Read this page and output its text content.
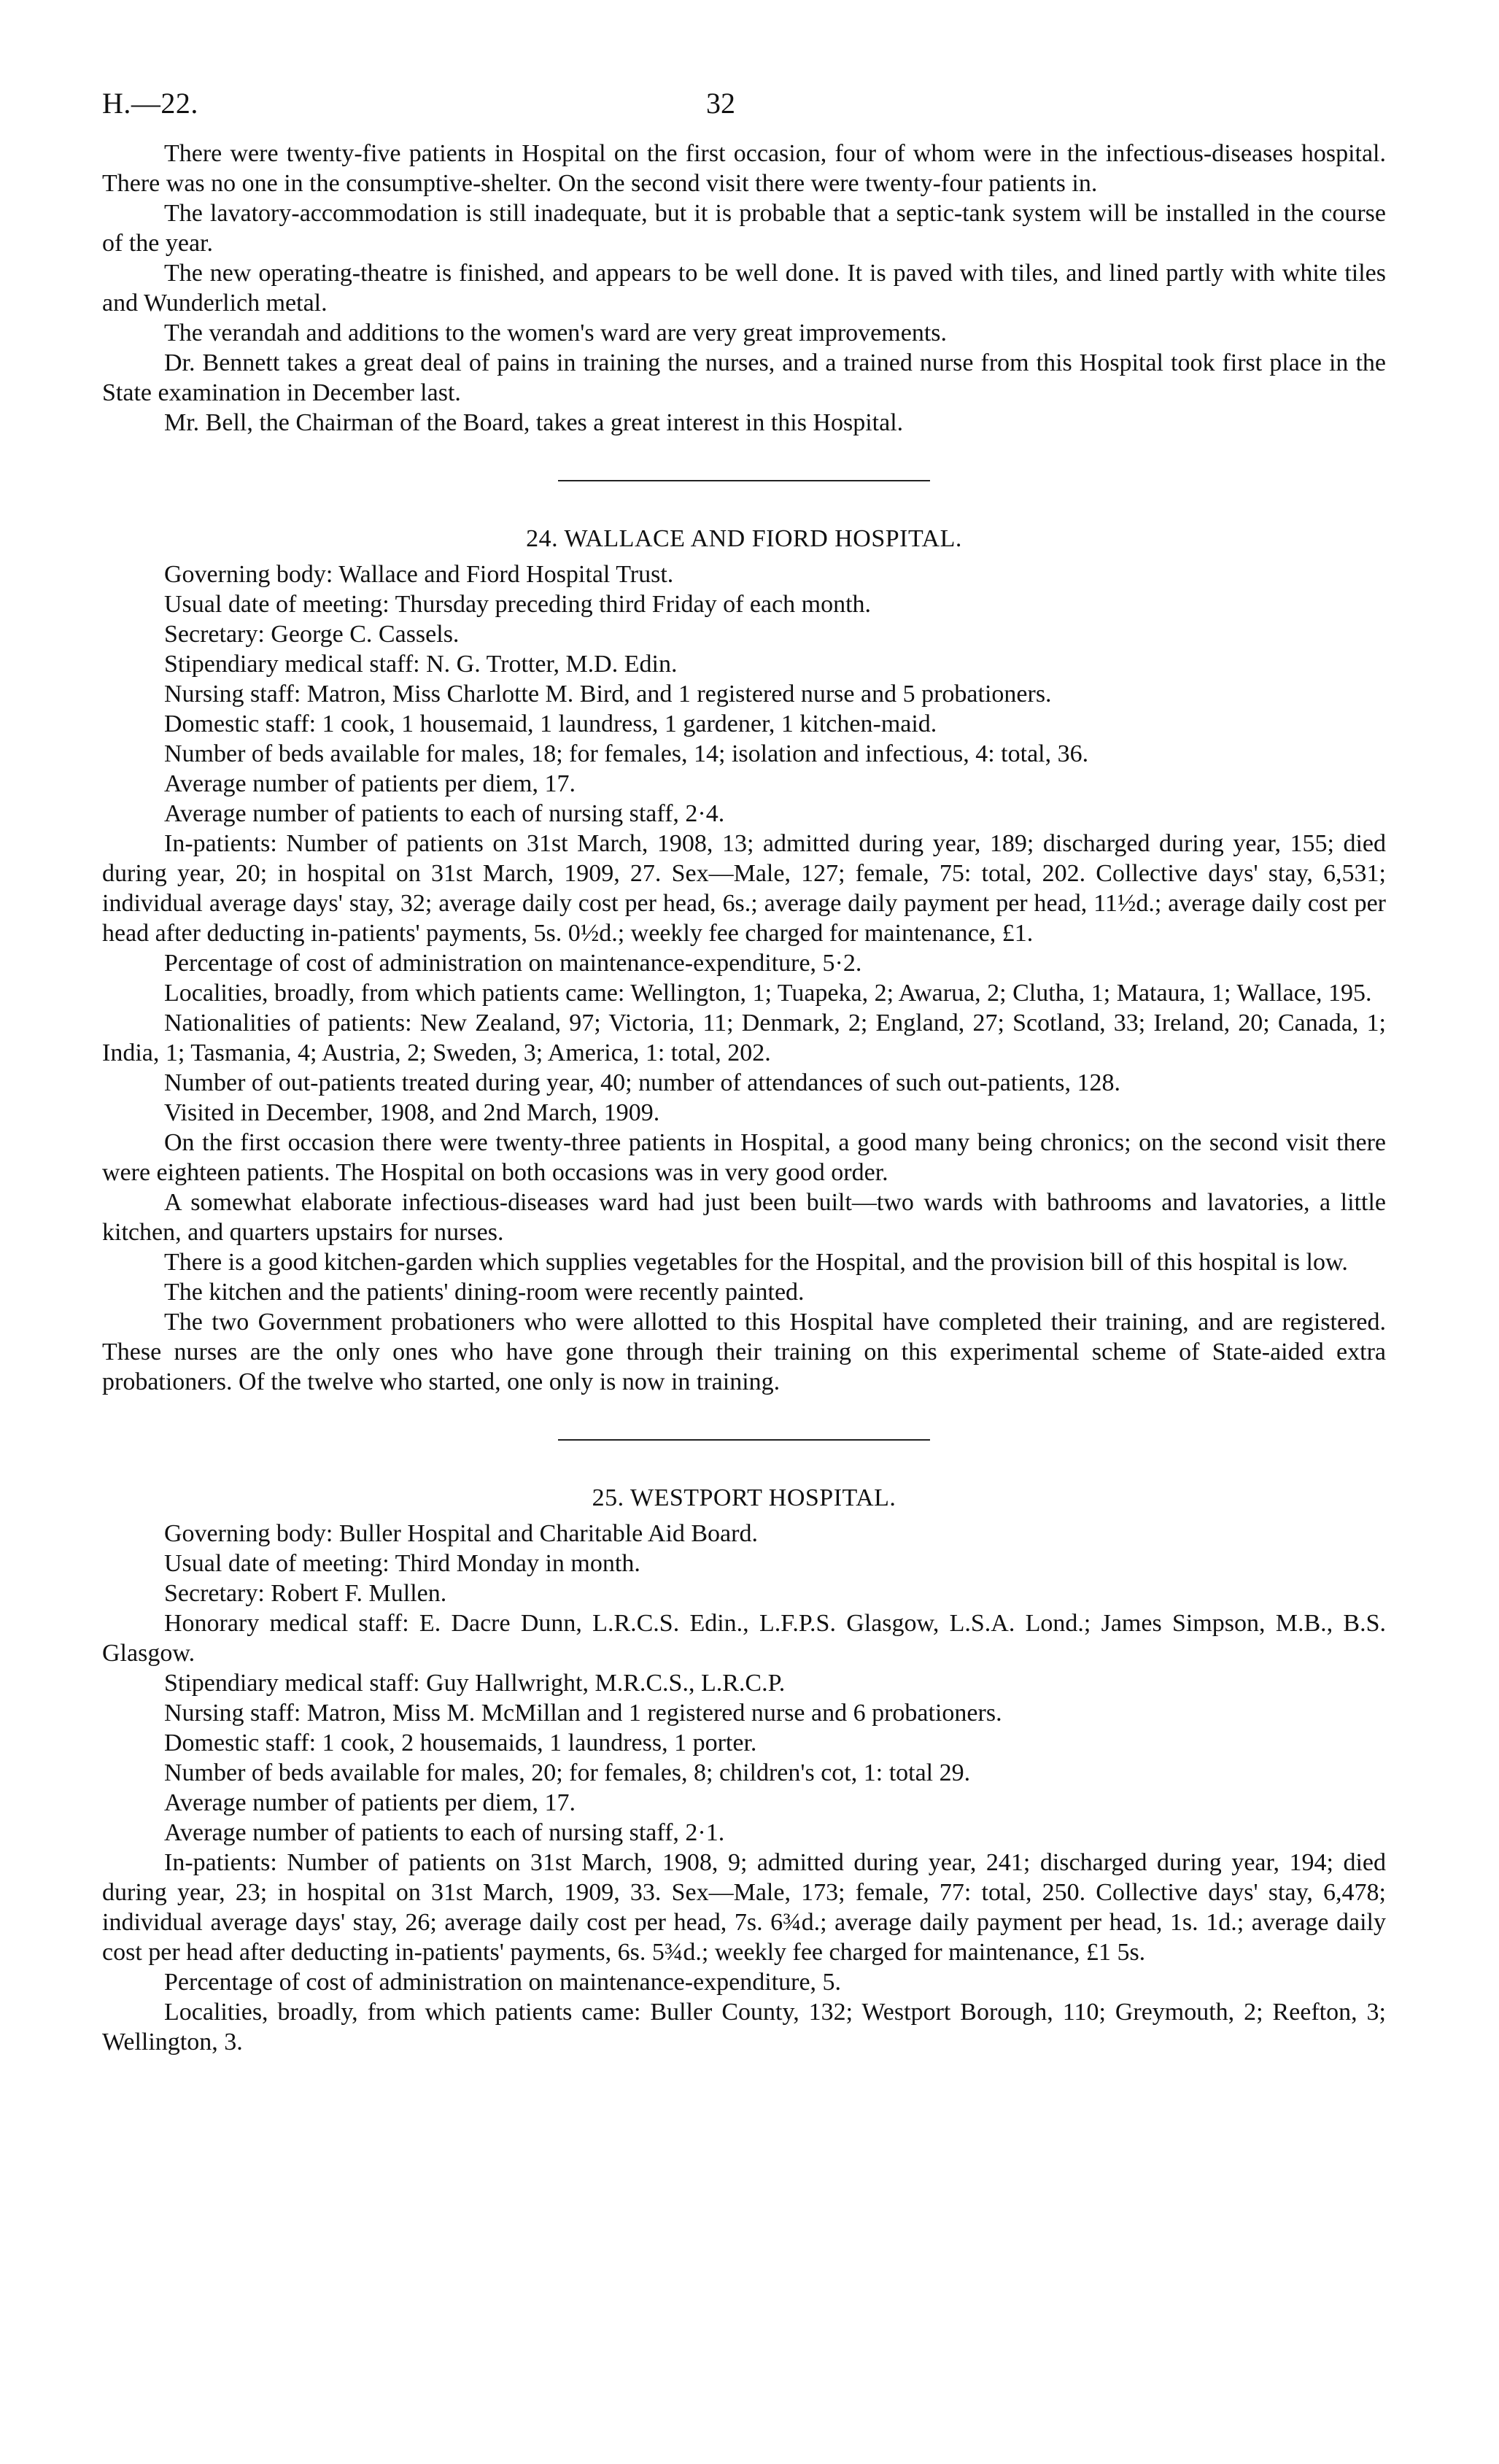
H.—22.	32

There were twenty-five patients in Hospital on the first occasion, four of whom were in the infectious-diseases hospital. There was no one in the consumptive-shelter. On the second visit there were twenty-four patients in.

The lavatory-accommodation is still inadequate, but it is probable that a septic-tank system will be installed in the course of the year.

The new operating-theatre is finished, and appears to be well done. It is paved with tiles, and lined partly with white tiles and Wunderlich metal.

The verandah and additions to the women's ward are very great improvements.

Dr. Bennett takes a great deal of pains in training the nurses, and a trained nurse from this Hospital took first place in the State examination in December last.

Mr. Bell, the Chairman of the Board, takes a great interest in this Hospital.

24. WALLACE AND FIORD HOSPITAL.

Governing body: Wallace and Fiord Hospital Trust.

Usual date of meeting: Thursday preceding third Friday of each month.

Secretary: George C. Cassels.

Stipendiary medical staff: N. G. Trotter, M.D. Edin.

Nursing staff: Matron, Miss Charlotte M. Bird, and 1 registered nurse and 5 probationers.

Domestic staff: 1 cook, 1 housemaid, 1 laundress, 1 gardener, 1 kitchen-maid.

Number of beds available for males, 18; for females, 14; isolation and infectious, 4: total, 36.

Average number of patients per diem, 17.

Average number of patients to each of nursing staff, 2·4.

In-patients: Number of patients on 31st March, 1908, 13; admitted during year, 189; discharged during year, 155; died during year, 20; in hospital on 31st March, 1909, 27. Sex—Male, 127; female, 75: total, 202. Collective days' stay, 6,531; individual average days' stay, 32; average daily cost per head, 6s.; average daily payment per head, 11½d.; average daily cost per head after deducting in-patients' payments, 5s. 0½d.; weekly fee charged for maintenance, £1.

Percentage of cost of administration on maintenance-expenditure, 5·2.

Localities, broadly, from which patients came: Wellington, 1; Tuapeka, 2; Awarua, 2; Clutha, 1; Mataura, 1; Wallace, 195.

Nationalities of patients: New Zealand, 97; Victoria, 11; Denmark, 2; England, 27; Scotland, 33; Ireland, 20; Canada, 1; India, 1; Tasmania, 4; Austria, 2; Sweden, 3; America, 1: total, 202.

Number of out-patients treated during year, 40; number of attendances of such out-patients, 128.

Visited in December, 1908, and 2nd March, 1909.

On the first occasion there were twenty-three patients in Hospital, a good many being chronics; on the second visit there were eighteen patients. The Hospital on both occasions was in very good order.

A somewhat elaborate infectious-diseases ward had just been built—two wards with bathrooms and lavatories, a little kitchen, and quarters upstairs for nurses.

There is a good kitchen-garden which supplies vegetables for the Hospital, and the provision bill of this hospital is low.

The kitchen and the patients' dining-room were recently painted.

The two Government probationers who were allotted to this Hospital have completed their training, and are registered. These nurses are the only ones who have gone through their training on this experimental scheme of State-aided extra probationers. Of the twelve who started, one only is now in training.

25. WESTPORT HOSPITAL.

Governing body: Buller Hospital and Charitable Aid Board.

Usual date of meeting: Third Monday in month.

Secretary: Robert F. Mullen.

Honorary medical staff: E. Dacre Dunn, L.R.C.S. Edin., L.F.P.S. Glasgow, L.S.A. Lond.; James Simpson, M.B., B.S. Glasgow.

Stipendiary medical staff: Guy Hallwright, M.R.C.S., L.R.C.P.

Nursing staff: Matron, Miss M. McMillan and 1 registered nurse and 6 probationers.

Domestic staff: 1 cook, 2 housemaids, 1 laundress, 1 porter.

Number of beds available for males, 20; for females, 8; children's cot, 1: total 29.

Average number of patients per diem, 17.

Average number of patients to each of nursing staff, 2·1.

In-patients: Number of patients on 31st March, 1908, 9; admitted during year, 241; discharged during year, 194; died during year, 23; in hospital on 31st March, 1909, 33. Sex—Male, 173; female, 77: total, 250. Collective days' stay, 6,478; individual average days' stay, 26; average daily cost per head, 7s. 6¾d.; average daily payment per head, 1s. 1d.; average daily cost per head after deducting in-patients' payments, 6s. 5¾d.; weekly fee charged for maintenance, £1 5s.

Percentage of cost of administration on maintenance-expenditure, 5.

Localities, broadly, from which patients came: Buller County, 132; Westport Borough, 110; Greymouth, 2; Reefton, 3; Wellington, 3.
